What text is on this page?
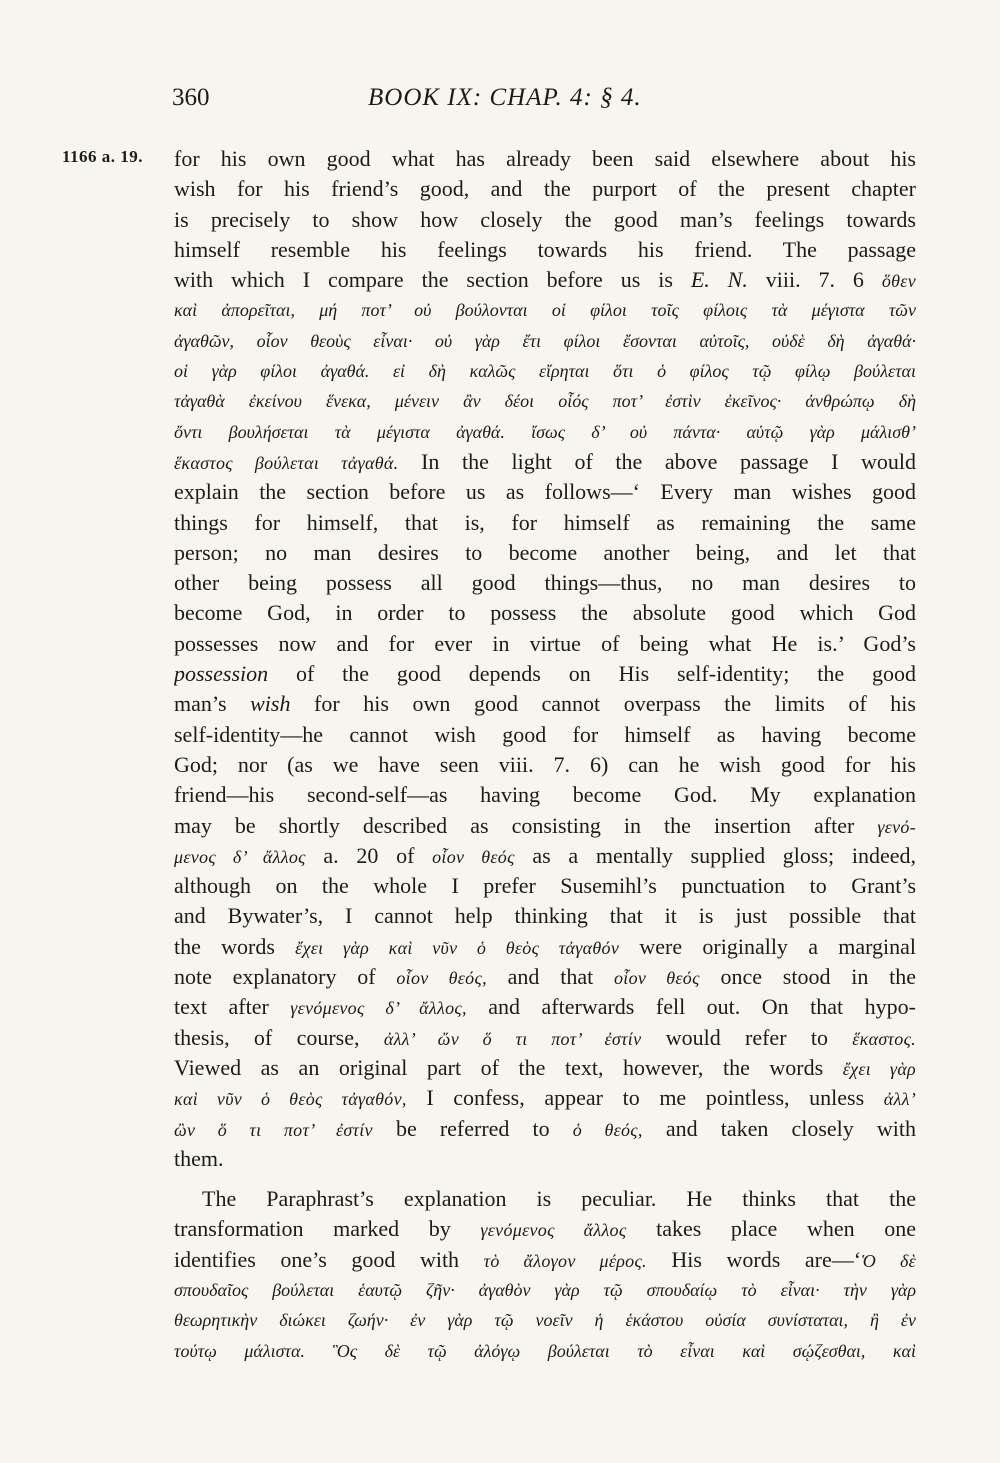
360	BOOK IX: CHAP. 4: § 4.
1166 a. 19. for his own good what has already been said elsewhere about his
wish for his friend’s good, and the purport of the present chapter
is precisely to show how closely the good man’s feelings towards
himself resemble his feelings towards his friend. The passage
with which I compare the section before us is E. N. viii. 7. 6 ὅθεν
καὶ ἀπορεῖται, μή ποτ’ οὐ βούλονται οἱ φίλοι τοῖς φίλοις τὰ μέγιστα τῶν
ἀγαθῶν, οἷον θεοὺς εἶναι· οὐ γὰρ ἔτι φίλοι ἔσονται αὐτοῖς, οὐδὲ δὴ ἀγαθά·
οἱ γὰρ φίλοι ἀγαθά. εἰ δὴ καλῶς εἴρηται ὅτι ὁ φίλος τῷ φίλῳ βούλεται
τἀγαθὰ ἐκείνου ἕνεκα, μένειν ἂν δέοι οἷός ποτ’ ἐστὶν ἐκεῖνος· ἀνθρώπῳ δὴ
ὄντι βουλήσεται τὰ μέγιστα ἀγαθά. ἴσως δ’ οὐ πάντα· αὑτῷ γὰρ μάλισθ’
ἕκαστος βούλεται τἀγαθά. In the light of the above passage I would
explain the section before us as follows—‘ Every man wishes good
things for himself, that is, for himself as remaining the same
person; no man desires to become another being, and let that
other being possess all good things—thus, no man desires to
become God, in order to possess the absolute good which God
possesses now and for ever in virtue of being what He is.’ God’s
possession of the good depends on His self-identity; the good
man’s wish for his own good cannot overpass the limits of his
self-identity—he cannot wish good for himself as having become
God; nor (as we have seen viii. 7. 6) can he wish good for his
friend—his second-self—as having become God. My explanation
may be shortly described as consisting in the insertion after γενό-
μενος δ’ ἄλλος a. 20 of οἷον θεός as a mentally supplied gloss; indeed,
although on the whole I prefer Susemihl’s punctuation to Grant’s
and Bywater’s, I cannot help thinking that it is just possible that
the words ἔχει γὰρ καὶ νῦν ὁ θεὸς τἀγαθόν were originally a marginal
note explanatory of οἷον θεός, and that οἷον θεός once stood in the
text after γενόμενος δ’ ἄλλος, and afterwards fell out. On that hypo-
thesis, of course, ἀλλ’ ὤν ὅ τι ποτ’ ἐστίν would refer to ἕκαστος.
Viewed as an original part of the text, however, the words ἔχει γὰρ
καὶ νῦν ὁ θεὸς τἀγαθόν, I confess, appear to me pointless, unless ἀλλ’
ὢν ὅ τι ποτ’ ἐστίν be referred to ὁ θεός, and taken closely with
them.
The Paraphrast’s explanation is peculiar. He thinks that the
transformation marked by γενόμενος ἄλλος takes place when one
identifies one’s good with τὸ ἄλογον μέρος. His words are—‘Ὁ δὲ
σπουδαῖος βούλεται ἑαυτῷ ζῆν· ἀγαθὸν γὰρ τῷ σπουδαίῳ τὸ εἶναι· τὴν γὰρ
θεωρητικὴν διώκει ζωήν· ἐν γὰρ τῷ νοεῖν ἡ ἑκάστου οὐσία συνίσταται, ἢ ἐν
τούτῳ μάλιστα. Ὃς δὲ τῷ ἀλόγῳ βούλεται τὸ εἶναι καὶ σῴζεσθαι, καὶ
